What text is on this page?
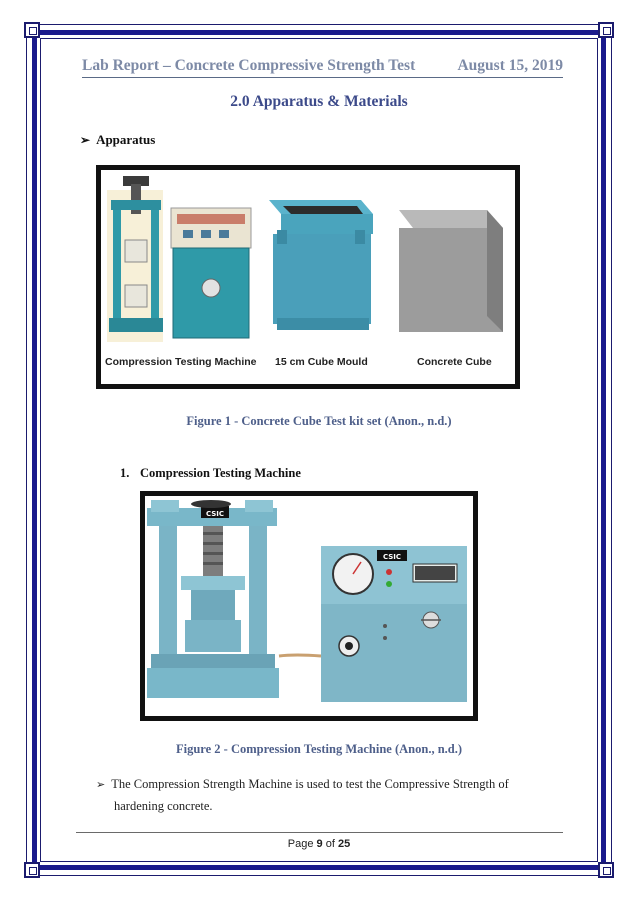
Lab Report – Concrete Compressive Strength Test	August 15, 2019
2.0 Apparatus & Materials
➢ Apparatus
Compression Testing Machine 15 cm Cube Mould	Concrete Cube
Figure 1 - Concrete Cube Test kit set (Anon., n.d.)
1. Compression Testing Machine
CSIC
CSIC
Figure 2 - Compression Testing Machine (Anon., n.d.)
➢ The Compression Strength Machine is used to test the Compressive Strength of
hardening concrete.
Page 9 of 25
